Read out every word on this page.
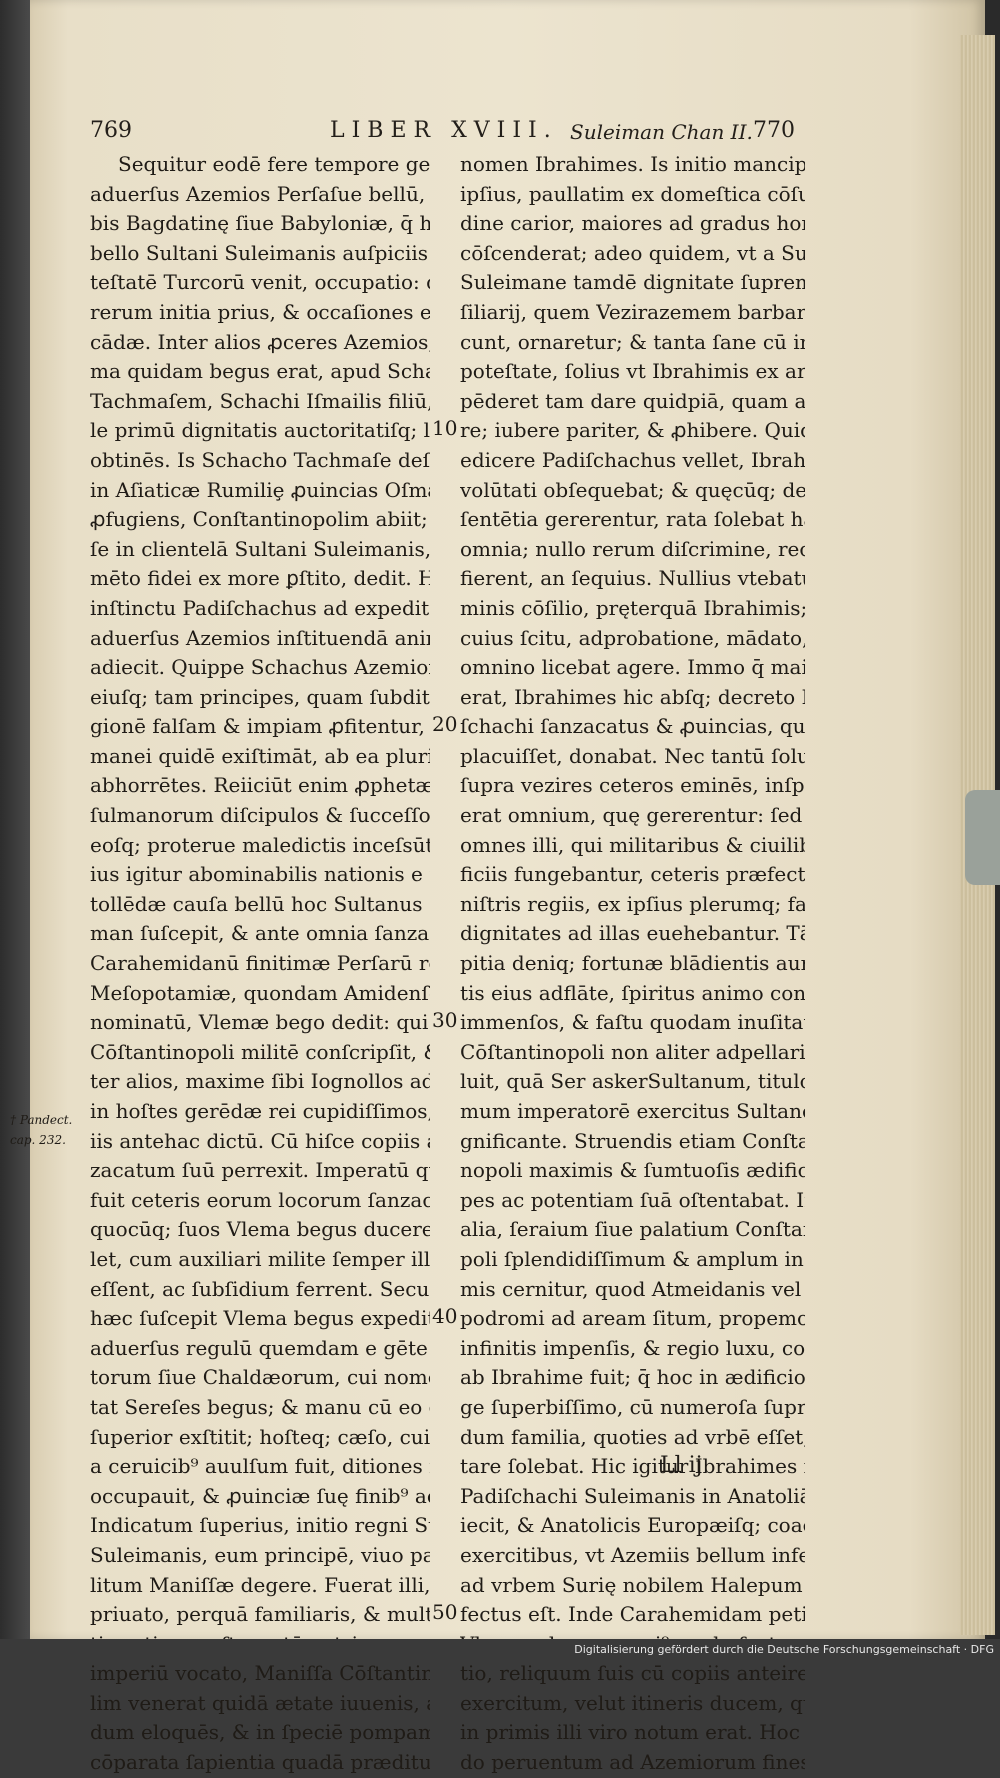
769	LIBER XVIII. Suleiman Chan II. 770
Sequitur eodē fere tempore ge
aduerſus Azemios Perſaſue bellū,
bis Bagdatinę ſiue Babyloniæ, q̄ h
bello Sultani Suleimanis auſpiciis
teſtatē Turcorū venit, occupatio:
rerum initia prius, & occaſiones e
cādæ. Inter alios ꝓceres Azemios,
ma quidam begus erat, apud Sch
Tachmaſem, Schachi Iſmailis filiū,
le primū dignitatis auctoritatiſq; l
obtinēs. Is Schacho Tachmaſe deſ
in Aſiaticæ Rumiliȩ ꝓuincias Oſm
ꝓfugiens, Conſtantinopolim abiit;
ſe in clientelā Sultani Suleimanis,
mēto fidei ex more ꝑſtito, dedit. H
inſtinctu Padiſchachus ad expedit
aduerſus Azemios inſtituendā ani
adiecit. Quippe Schachus Azemio
eiuſq; tam principes, quam ſubdit
gionē falſam & impiam ꝓfitentur,
manei quidē exiſtimāt, ab ea plur
abhorrētes. Reiiciūt enim ꝓphetæ
ſulmanorum diſcipulos & ſucceſſo
eoſq; proterue maledictis inceſsūt
ius igitur abominabilis nationis e
tollēdæ cauſa bellū hoc Sultanus
man ſuſcepit, & ante omnia ſanza
Carahemidanū finitimæ Perſarū r
Meſopotamiæ, quondam Amidenſem
nominatū, Vlemæ bego dedit: qui
Cōſtantinopoli militē conſcripſit,
ter alios, maxime ſibi Iognollos ad
in hoſtes gerēdæ rei cupidiſſimos,
iis antehac dictū. Cū hiſce copiis
zacatum ſuū perrexit. Imperatū q
fuit ceteris eorum locorum ſanzac
quocūq; ſuos Vlema begus ducere
let, cum auxiliari milite ſemper ill
eſſent, ac ſubſidium ferrent. Secu
hæc ſuſcepit Vlema begus expedi
aduerſus regulū quemdam e gēte
torum ſiue Chaldæorum, cui nom
tat Sereſes begus; & manu cū eo
ſuperior exſtitit; hoſteq; cæſo, cui
a ceruicib⁹ auulſum fuit, ditiones
occupauit, & ꝓuinciæ ſuę finib⁹ a
Indicatum ſuperius, initio regni S
Suleimanis, eum principē, viuo pa
litum Maniſſæ degere. Fuerat illi,
priuato, perquā familiaris, & mult
tior etiam poſt mortē patris, cum
imperiū vocato, Maniſſa Cōſtantin
lim venerat quidā ætate iuuenis,
dum eloquēs, & in ſpeciē pompam
nomen Ibrahimes. Is initio mancip
ipſius, paullatim ex domeſtica cōſu
dine carior, maiores ad gradus ho
cōſcenderat; adeo quidem, vt a Su
Suleimane tamdē dignitate ſuprem
ſiliarij, quem Vezirazemem barbar
cunt, ornaretur; & tanta ſane cū i
poteſtate, ſolius vt Ibrahimis ex ar
pēderet tam dare quidpiā, quam a
re; iubere pariter, & ꝓhibere. Qui
edicere Padiſchachus vellet, Ibrah
volūtati obſequebat; & quęcūq; de
ſentētia gererentur, rata ſolebat h
omnia; nullo rerum diſcrimine, rec
fierent, an ſequius. Nullius vtebat
minis cōſilio, pręterquā Ibrahimis;
cuius ſcitu, adprobatione, mādato,
omnino licebat agere. Immo q̄ maius
erat, Ibrahimes hic abſq; decreto
ſchachi ſanzacatus & ꝓuincias, qu
placuiſſet, donabat. Nec tantū ſolu
ſupra vezires ceteros eminēs, inſp
erat omnium, quę gererentur: ſed
omnes illi, qui militaribus & ciuili
ficiis fungebantur, ceteris præfecti
niſtris regiis, ex ipſius plerumq; fa
dignitates ad illas euehebantur. T
pitia deniq; fortunæ blādientis au
tis eius adflāte, ſpiritus animo con
immenſos, & faſtu quodam inuſita
Cōſtantinopoli non aliter adpellari vo-
luit, quā Ser askerSultanum, titul
mum imperatorē exercitus Sultan
gnificante. Struendis etiam Conſta
nopoli maximis & ſumtuoſis ædific
pes ac potentiam ſuā oſtentabat. I
alia, ſeraium ſiue palatium Conſta
poli ſplendidiſſimum & amplum in
mis cernitur, quod Atmeidanis vel
podromi ad aream ſitum, propemo
infinitis impenſis, & regio luxu, co
ab Ibrahime fuit; q̄ hoc in ædificio,
ge ſuperbiſſimo, cū numeroſa ſupr
dum familia, quoties ad vrbē eſſet,
tare ſolebat. Hic igitur Ibrahimes
Padiſchachi Suleimanis in Anatoliā
iecit, & Anatolicis Europæiſq; coactis
exercitibus, vt Azemiis bellum infe
ad vrbem Surię nobilem Halepum
fectus eſt. Inde Carahemidam peti
Vlemam begum, cui⁹ modo facta m
tio, reliquum ſuis cū copiis anteire
exercitum, velut itineris ducem, quod
in primis illi viro notum erat. Hoc
10
20
30
40
50
† Pandect.
cap. 232.
Ll ij
Digitalisierung gefördert durch die Deutsche Forschungsgemeinschaft · DFG
